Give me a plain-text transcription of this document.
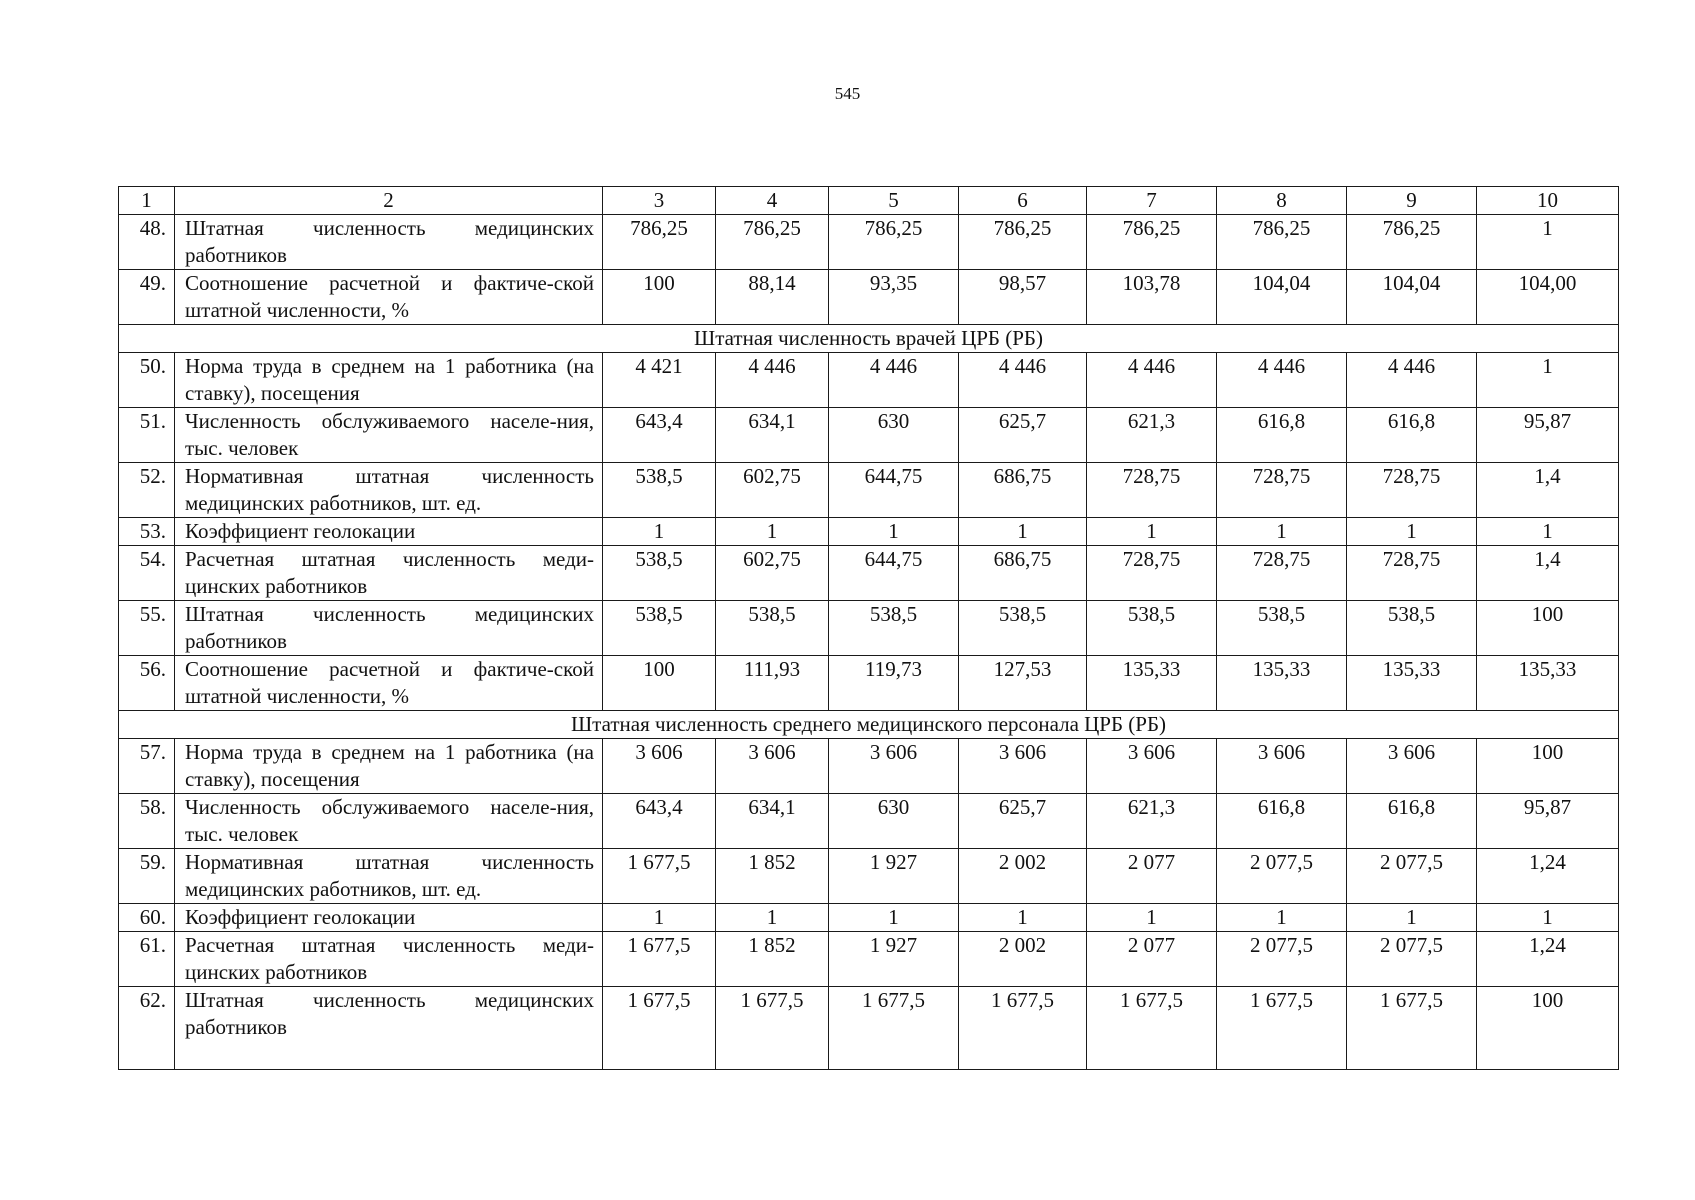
545
1	2	3	4	5	6	7	8	9	10
48.	Штатная численность медицинских работников	786,25	786,25	786,25	786,25	786,25	786,25	786,25	1
49.	Соотношение расчетной и фактиче-ской штатной численности, %	100	88,14	93,35	98,57	103,78	104,04	104,04	104,00
Штатная численность врачей ЦРБ (РБ)									
50.	Норма труда в среднем на 1 работника (на ставку), посещения	4 421	4 446	4 446	4 446	4 446	4 446	4 446	1
51.	Численность обслуживаемого населе-ния, тыс. человек	643,4	634,1	630	625,7	621,3	616,8	616,8	95,87
52.	Нормативная штатная численность медицинских работников, шт. ед.	538,5	602,75	644,75	686,75	728,75	728,75	728,75	1,4
53.	Коэффициент геолокации	1	1	1	1	1	1	1	1
54.	Расчетная штатная численность меди-цинских работников	538,5	602,75	644,75	686,75	728,75	728,75	728,75	1,4
55.	Штатная численность медицинских работников	538,5	538,5	538,5	538,5	538,5	538,5	538,5	100
56.	Соотношение расчетной и фактиче-ской штатной численности, %	100	111,93	119,73	127,53	135,33	135,33	135,33	135,33
Штатная численность среднего медицинского персонала ЦРБ (РБ)									
57.	Норма труда в среднем на 1 работника (на ставку), посещения	3 606	3 606	3 606	3 606	3 606	3 606	3 606	100
58.	Численность обслуживаемого населе-ния, тыс. человек	643,4	634,1	630	625,7	621,3	616,8	616,8	95,87
59.	Нормативная штатная численность медицинских работников, шт. ед.	1 677,5	1 852	1 927	2 002	2 077	2 077,5	2 077,5	1,24
60.	Коэффициент геолокации	1	1	1	1	1	1	1	1
61.	Расчетная штатная численность меди-цинских работников	1 677,5	1 852	1 927	2 002	2 077	2 077,5	2 077,5	1,24
62.	Штатная численность медицинских работников	1 677,5	1 677,5	1 677,5	1 677,5	1 677,5	1 677,5	1 677,5	100
